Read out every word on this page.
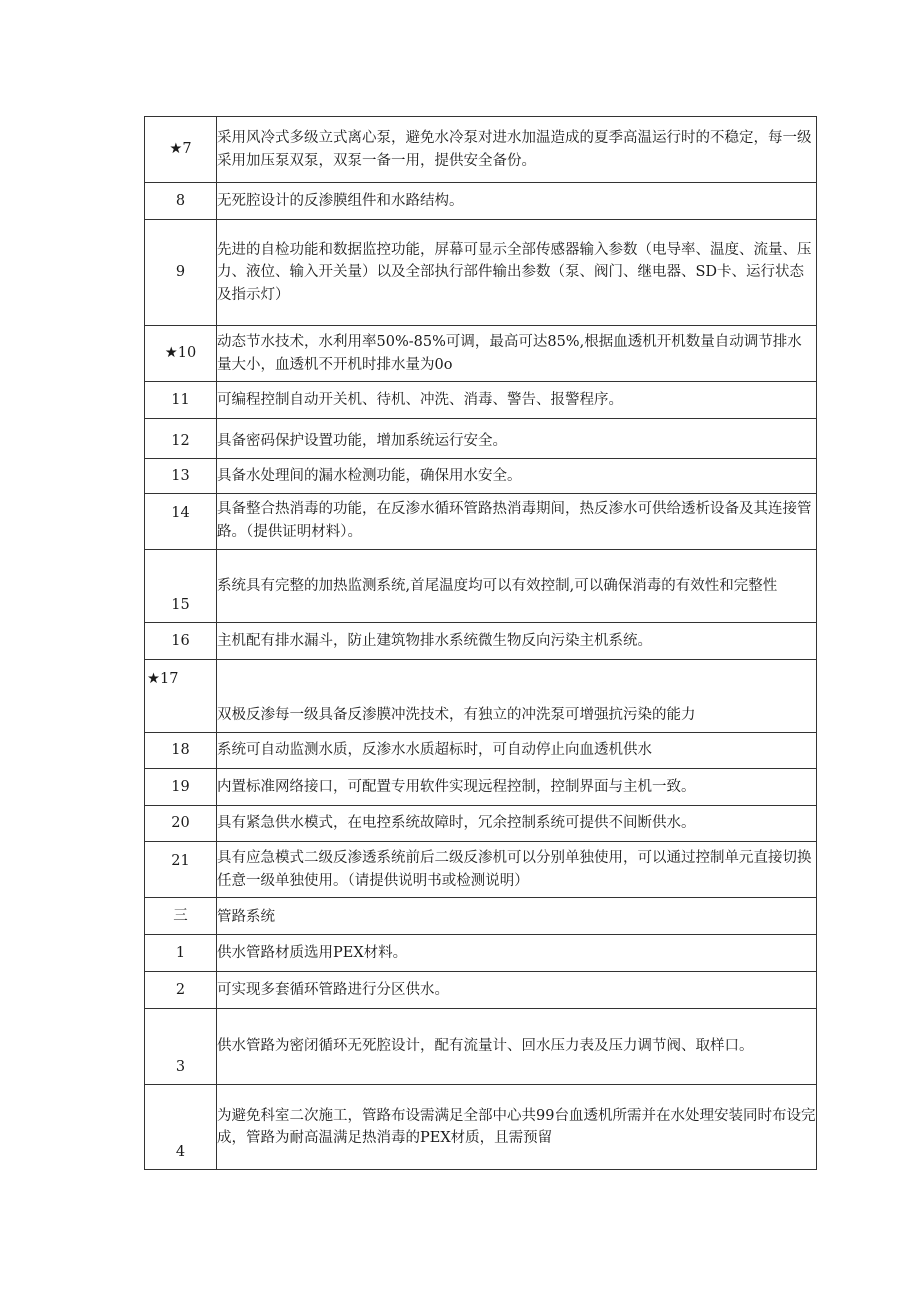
★7	采用风冷式多级立式离心泵，避免水冷泵对进水加温造成的夏季高温运行时的不稳定，每一级采用加压泵双泵，双泵一备一用，提供安全备份。
8	无死腔设计的反渗膜组件和水路结构。
9	先进的自检功能和数据监控功能，屏幕可显示全部传感器输入参数（电导率、温度、流量、压力、液位、输入开关量）以及全部执行部件输出参数（泵、阀门、继电器、SD卡、运行状态及指示灯）
★10	动态节水技术，水利用率50%-85%可调，最高可达85%,根据血透机开机数量自动调节排水量大小，血透机不开机时排水量为0o
11	可编程控制自动开关机、待机、冲洗、消毒、警告、报警程序。
12	具备密码保护设置功能，增加系统运行安全。
13	具备水处理间的漏水检测功能，确保用水安全。
14	具备整合热消毒的功能，在反渗水循环管路热消毒期间，热反渗水可供给透析设备及其连接管路。（提供证明材料）。
15	系统具有完整的加热监测系统,首尾温度均可以有效控制,可以确保消毒的有效性和完整性
16	主机配有排水漏斗，防止建筑物排水系统微生物反向污染主机系统。
★17	双极反渗每一级具备反渗膜冲洗技术，有独立的冲洗泵可增强抗污染的能力
18	系统可自动监测水质，反渗水水质超标时，可自动停止向血透机供水
19	内置标准网络接口，可配置专用软件实现远程控制，控制界面与主机一致。
20	具有紧急供水模式，在电控系统故障时，冗余控制系统可提供不间断供水。
21	具有应急模式二级反渗透系统前后二级反渗机可以分别单独使用，可以通过控制单元直接切换任意一级单独使用。（请提供说明书或检测说明）
三	管路系统
1	供水管路材质选用PEX材料。
2	可实现多套循环管路进行分区供水。
3	供水管路为密闭循环无死腔设计，配有流量计、回水压力表及压力调节阀、取样口。
4	为避免科室二次施工，管路布设需满足全部中心共99台血透机所需并在水处理安装同时布设完成，管路为耐高温满足热消毒的PEX材质，且需预留
